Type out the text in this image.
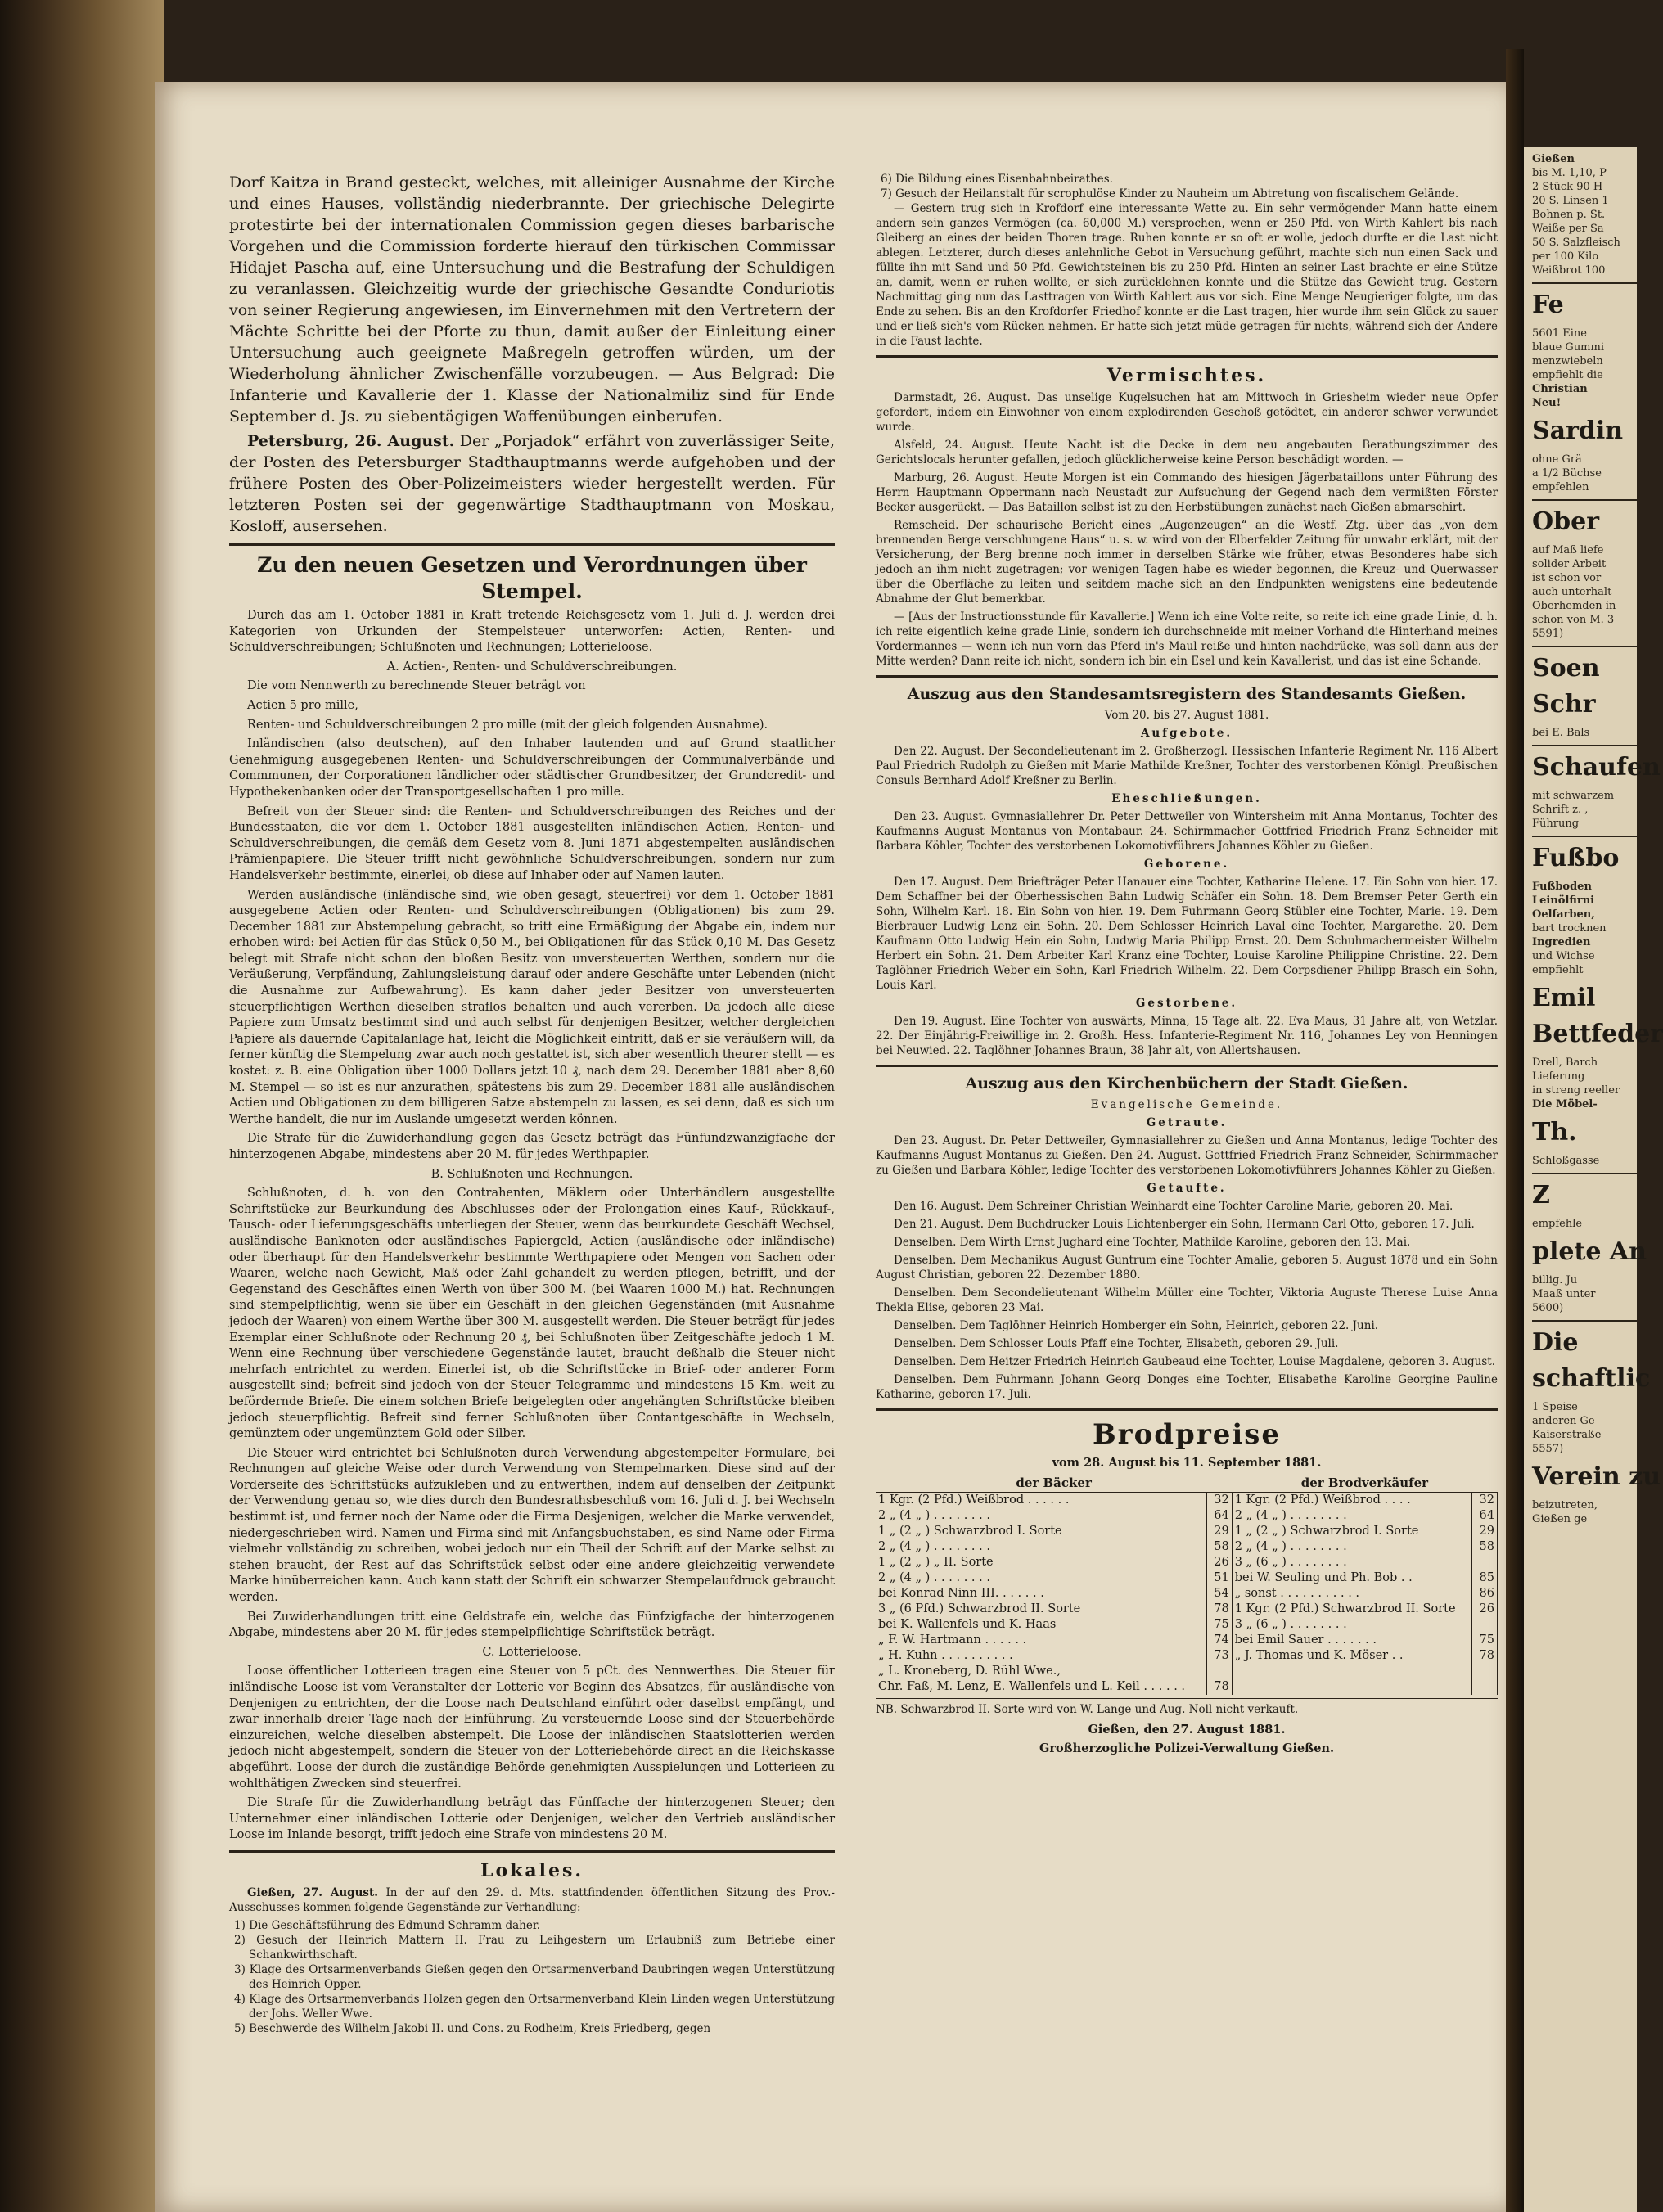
Dorf Kaitza in Brand gesteckt, welches, mit alleiniger Ausnahme der Kirche und eines Hauses, vollständig niederbrannte. Der griechische Delegirte protestirte bei der internationalen Commission gegen dieses barbarische Vorgehen und die Commission forderte hierauf den türkischen Commissar Hidajet Pascha auf, eine Untersuchung und die Bestrafung der Schuldigen zu veranlassen. Gleichzeitig wurde der griechische Gesandte Conduriotis von seiner Regierung angewiesen, im Einvernehmen mit den Vertretern der Mächte Schritte bei der Pforte zu thun, damit außer der Einleitung einer Untersuchung auch geeignete Maßregeln getroffen würden, um der Wiederholung ähnlicher Zwischenfälle vorzubeugen. — Aus Belgrad: Die Infanterie und Kavallerie der 1. Klasse der Nationalmiliz sind für Ende September d. Js. zu siebentägigen Waffenübungen einberufen.

Petersburg, 26. August. Der „Porjadok“ erfährt von zuverlässiger Seite, der Posten des Petersburger Stadthauptmanns werde aufgehoben und der frühere Posten des Ober-Polizeimeisters wieder hergestellt werden. Für letzteren Posten sei der gegenwärtige Stadthauptmann von Moskau, Kosloff, ausersehen.

Zu den neuen Gesetzen und Verordnungen über Stempel.

Durch das am 1. October 1881 in Kraft tretende Reichsgesetz vom 1. Juli d. J. werden drei Kategorien von Urkunden der Stempelsteuer unterworfen: Actien, Renten- und Schuldverschreibungen; Schlußnoten und Rechnungen; Lotterieloose.

A. Actien-, Renten- und Schuldverschreibungen.

Die vom Nennwerth zu berechnende Steuer beträgt von

Actien 5 pro mille,

Renten- und Schuldverschreibungen 2 pro mille (mit der gleich folgenden Ausnahme).

Inländischen (also deutschen), auf den Inhaber lautenden und auf Grund staatlicher Genehmigung ausgegebenen Renten- und Schuldverschreibungen der Communalverbände und Commmunen, der Corporationen ländlicher oder städtischer Grundbesitzer, der Grundcredit- und Hypothekenbanken oder der Transportgesellschaften 1 pro mille.

Befreit von der Steuer sind: die Renten- und Schuldverschreibungen des Reiches und der Bundesstaaten, die vor dem 1. October 1881 ausgestellten inländischen Actien, Renten- und Schuldverschreibungen, die gemäß dem Gesetz vom 8. Juni 1871 abgestempelten ausländischen Prämienpapiere. Die Steuer trifft nicht gewöhnliche Schuldverschreibungen, sondern nur zum Handelsverkehr bestimmte, einerlei, ob diese auf Inhaber oder auf Namen lauten.

Werden ausländische (inländische sind, wie oben gesagt, steuerfrei) vor dem 1. October 1881 ausgegebene Actien oder Renten- und Schuldverschreibungen (Obligationen) bis zum 29. December 1881 zur Abstempelung gebracht, so tritt eine Ermäßigung der Abgabe ein, indem nur erhoben wird: bei Actien für das Stück 0,50 M., bei Obligationen für das Stück 0,10 M. Das Gesetz belegt mit Strafe nicht schon den bloßen Besitz von unversteuerten Werthen, sondern nur die Veräußerung, Verpfändung, Zahlungsleistung darauf oder andere Geschäfte unter Lebenden (nicht die Ausnahme zur Aufbewahrung). Es kann daher jeder Besitzer von unversteuerten steuerpflichtigen Werthen dieselben straflos behalten und auch vererben. Da jedoch alle diese Papiere zum Umsatz bestimmt sind und auch selbst für denjenigen Besitzer, welcher dergleichen Papiere als dauernde Capitalanlage hat, leicht die Möglichkeit eintritt, daß er sie veräußern will, da ferner künftig die Stempelung zwar auch noch gestattet ist, sich aber wesentlich theurer stellt — es kostet: z. B. eine Obligation über 1000 Dollars jetzt 10 ₰, nach dem 29. December 1881 aber 8,60 M. Stempel — so ist es nur anzurathen, spätestens bis zum 29. December 1881 alle ausländischen Actien und Obligationen zu dem billigeren Satze abstempeln zu lassen, es sei denn, daß es sich um Werthe handelt, die nur im Auslande umgesetzt werden können.

Die Strafe für die Zuwiderhandlung gegen das Gesetz beträgt das Fünfundzwanzigfache der hinterzogenen Abgabe, mindestens aber 20 M. für jedes Werthpapier.

B. Schlußnoten und Rechnungen.

Schlußnoten, d. h. von den Contrahenten, Mäklern oder Unterhändlern ausgestellte Schriftstücke zur Beurkundung des Abschlusses oder der Prolongation eines Kauf-, Rückkauf-, Tausch- oder Lieferungsgeschäfts unterliegen der Steuer, wenn das beurkundete Geschäft Wechsel, ausländische Banknoten oder ausländisches Papiergeld, Actien (ausländische oder inländische) oder überhaupt für den Handelsverkehr bestimmte Werthpapiere oder Mengen von Sachen oder Waaren, welche nach Gewicht, Maß oder Zahl gehandelt zu werden pflegen, betrifft, und der Gegenstand des Geschäftes einen Werth von über 300 M. (bei Waaren 1000 M.) hat. Rechnungen sind stempelpflichtig, wenn sie über ein Geschäft in den gleichen Gegenständen (mit Ausnahme jedoch der Waaren) von einem Werthe über 300 M. ausgestellt werden. Die Steuer beträgt für jedes Exemplar einer Schlußnote oder Rechnung 20 ₰, bei Schlußnoten über Zeitgeschäfte jedoch 1 M. Wenn eine Rechnung über verschiedene Gegenstände lautet, braucht deßhalb die Steuer nicht mehrfach entrichtet zu werden. Einerlei ist, ob die Schriftstücke in Brief- oder anderer Form ausgestellt sind; befreit sind jedoch von der Steuer Telegramme und mindestens 15 Km. weit zu befördernde Briefe. Die einem solchen Briefe beigelegten oder angehängten Schriftstücke bleiben jedoch steuerpflichtig. Befreit sind ferner Schlußnoten über Contantgeschäfte in Wechseln, gemünztem oder ungemünztem Gold oder Silber.

Die Steuer wird entrichtet bei Schlußnoten durch Verwendung abgestempelter Formulare, bei Rechnungen auf gleiche Weise oder durch Verwendung von Stempelmarken. Diese sind auf der Vorderseite des Schriftstücks aufzukleben und zu entwerthen, indem auf denselben der Zeitpunkt der Verwendung genau so, wie dies durch den Bundesrathsbeschluß vom 16. Juli d. J. bei Wechseln bestimmt ist, und ferner noch der Name oder die Firma Desjenigen, welcher die Marke verwendet, niedergeschrieben wird. Namen und Firma sind mit Anfangsbuchstaben, es sind Name oder Firma vielmehr vollständig zu schreiben, wobei jedoch nur ein Theil der Schrift auf der Marke selbst zu stehen braucht, der Rest auf das Schriftstück selbst oder eine andere gleichzeitig verwendete Marke hinüberreichen kann. Auch kann statt der Schrift ein schwarzer Stempelaufdruck gebraucht werden.

Bei Zuwiderhandlungen tritt eine Geldstrafe ein, welche das Fünfzigfache der hinterzogenen Abgabe, mindestens aber 20 M. für jedes stempelpflichtige Schriftstück beträgt.

C. Lotterieloose.

Loose öffentlicher Lotterieen tragen eine Steuer von 5 pCt. des Nennwerthes. Die Steuer für inländische Loose ist vom Veranstalter der Lotterie vor Beginn des Absatzes, für ausländische von Denjenigen zu entrichten, der die Loose nach Deutschland einführt oder daselbst empfängt, und zwar innerhalb dreier Tage nach der Einführung. Zu versteuernde Loose sind der Steuerbehörde einzureichen, welche dieselben abstempelt. Die Loose der inländischen Staatslotterien werden jedoch nicht abgestempelt, sondern die Steuer von der Lotteriebehörde direct an die Reichskasse abgeführt. Loose der durch die zuständige Behörde genehmigten Ausspielungen und Lotterieen zu wohlthätigen Zwecken sind steuerfrei.

Die Strafe für die Zuwiderhandlung beträgt das Fünffache der hinterzogenen Steuer; den Unternehmer einer inländischen Lotterie oder Denjenigen, welcher den Vertrieb ausländischer Loose im Inlande besorgt, trifft jedoch eine Strafe von mindestens 20 M.

Lokales.

Gießen, 27. August. In der auf den 29. d. Mts. stattfindenden öffentlichen Sitzung des Prov.-Ausschusses kommen folgende Gegenstände zur Verhandlung:

1) Die Geschäftsführung des Edmund Schramm daher.

2) Gesuch der Heinrich Mattern II. Frau zu Leihgestern um Erlaubniß zum Betriebe einer Schankwirthschaft.

3) Klage des Ortsarmenverbands Gießen gegen den Ortsarmenverband Daubringen wegen Unterstützung des Heinrich Opper.

4) Klage des Ortsarmenverbands Holzen gegen den Ortsarmenverband Klein Linden wegen Unterstützung der Johs. Weller Wwe.

5) Beschwerde des Wilhelm Jakobi II. und Cons. zu Rodheim, Kreis Friedberg, gegen

6) Die Bildung eines Eisenbahnbeirathes.

7) Gesuch der Heilanstalt für scrophulöse Kinder zu Nauheim um Abtretung von fiscalischem Gelände.

— Gestern trug sich in Krofdorf eine interessante Wette zu. Ein sehr vermögender Mann hatte einem andern sein ganzes Vermögen (ca. 60,000 M.) versprochen, wenn er 250 Pfd. von Wirth Kahlert bis nach Gleiberg an eines der beiden Thoren trage. Ruhen konnte er so oft er wolle, jedoch durfte er die Last nicht ablegen. Letzterer, durch dieses anlehnliche Gebot in Versuchung geführt, machte sich nun einen Sack und füllte ihn mit Sand und 50 Pfd. Gewichtsteinen bis zu 250 Pfd. Hinten an seiner Last brachte er eine Stütze an, damit, wenn er ruhen wollte, er sich zurücklehnen konnte und die Stütze das Gewicht trug. Gestern Nachmittag ging nun das Lasttragen von Wirth Kahlert aus vor sich. Eine Menge Neugieriger folgte, um das Ende zu sehen. Bis an den Krofdorfer Friedhof konnte er die Last tragen, hier wurde ihm sein Glück zu sauer und er ließ sich's vom Rücken nehmen. Er hatte sich jetzt müde getragen für nichts, während sich der Andere in die Faust lachte.

Vermischtes.

Darmstadt, 26. August. Das unselige Kugelsuchen hat am Mittwoch in Griesheim wieder neue Opfer gefordert, indem ein Einwohner von einem explodirenden Geschoß getödtet, ein anderer schwer verwundet wurde.

Alsfeld, 24. August. Heute Nacht ist die Decke in dem neu angebauten Berathungszimmer des Gerichtslocals herunter gefallen, jedoch glücklicherweise keine Person beschädigt worden. —

Marburg, 26. August. Heute Morgen ist ein Commando des hiesigen Jägerbataillons unter Führung des Herrn Hauptmann Oppermann nach Neustadt zur Aufsuchung der Gegend nach dem vermißten Förster Becker ausgerückt. — Das Bataillon selbst ist zu den Herbstübungen zunächst nach Gießen abmarschirt.

Remscheid. Der schaurische Bericht eines „Augenzeugen“ an die Westf. Ztg. über das „von dem brennenden Berge verschlungene Haus“ u. s. w. wird von der Elberfelder Zeitung für unwahr erklärt, mit der Versicherung, der Berg brenne noch immer in derselben Stärke wie früher, etwas Besonderes habe sich jedoch an ihm nicht zugetragen; vor wenigen Tagen habe es wieder begonnen, die Kreuz- und Querwasser über die Oberfläche zu leiten und seitdem mache sich an den Endpunkten wenigstens eine bedeutende Abnahme der Glut bemerkbar.

— [Aus der Instructionsstunde für Kavallerie.] Wenn ich eine Volte reite, so reite ich eine grade Linie, d. h. ich reite eigentlich keine grade Linie, sondern ich durchschneide mit meiner Vorhand die Hinterhand meines Vordermannes — wenn ich nun vorn das Pferd in's Maul reiße und hinten nachdrücke, was soll dann aus der Mitte werden? Dann reite ich nicht, sondern ich bin ein Esel und kein Kavallerist, und das ist eine Schande.

Auszug aus den Standesamtsregistern des Standesamts Gießen.

Vom 20. bis 27. August 1881.

Aufgebote.

Den 22. August. Der Secondelieutenant im 2. Großherzogl. Hessischen Infanterie Regiment Nr. 116 Albert Paul Friedrich Rudolph zu Gießen mit Marie Mathilde Kreßner, Tochter des verstorbenen Königl. Preußischen Consuls Bernhard Adolf Kreßner zu Berlin.

Eheschließungen.

Den 23. August. Gymnasiallehrer Dr. Peter Dettweiler von Wintersheim mit Anna Montanus, Tochter des Kaufmanns August Montanus von Montabaur. 24. Schirmmacher Gottfried Friedrich Franz Schneider mit Barbara Köhler, Tochter des verstorbenen Lokomotivführers Johannes Köhler zu Gießen.

Geborene.

Den 17. August. Dem Briefträger Peter Hanauer eine Tochter, Katharine Helene. 17. Ein Sohn von hier. 17. Dem Schaffner bei der Oberhessischen Bahn Ludwig Schäfer ein Sohn. 18. Dem Bremser Peter Gerth ein Sohn, Wilhelm Karl. 18. Ein Sohn von hier. 19. Dem Fuhrmann Georg Stübler eine Tochter, Marie. 19. Dem Bierbrauer Ludwig Lenz ein Sohn. 20. Dem Schlosser Heinrich Laval eine Tochter, Margarethe. 20. Dem Kaufmann Otto Ludwig Hein ein Sohn, Ludwig Maria Philipp Ernst. 20. Dem Schuhmachermeister Wilhelm Herbert ein Sohn. 21. Dem Arbeiter Karl Kranz eine Tochter, Louise Karoline Philippine Christine. 22. Dem Taglöhner Friedrich Weber ein Sohn, Karl Friedrich Wilhelm. 22. Dem Corpsdiener Philipp Brasch ein Sohn, Louis Karl.

Gestorbene.

Den 19. August. Eine Tochter von auswärts, Minna, 15 Tage alt. 22. Eva Maus, 31 Jahre alt, von Wetzlar. 22. Der Einjährig-Freiwillige im 2. Großh. Hess. Infanterie-Regiment Nr. 116, Johannes Ley von Henningen bei Neuwied. 22. Taglöhner Johannes Braun, 38 Jahr alt, von Allertshausen.

Auszug aus den Kirchenbüchern der Stadt Gießen.

Evangelische Gemeinde.

Getraute.

Den 23. August. Dr. Peter Dettweiler, Gymnasiallehrer zu Gießen und Anna Montanus, ledige Tochter des Kaufmanns August Montanus zu Gießen. Den 24. August. Gottfried Friedrich Franz Schneider, Schirmmacher zu Gießen und Barbara Köhler, ledige Tochter des verstorbenen Lokomotivführers Johannes Köhler zu Gießen.

Getaufte.

Den 16. August. Dem Schreiner Christian Weinhardt eine Tochter Caroline Marie, geboren 20. Mai.

Den 21. August. Dem Buchdrucker Louis Lichtenberger ein Sohn, Hermann Carl Otto, geboren 17. Juli.

Denselben. Dem Wirth Ernst Jughard eine Tochter, Mathilde Karoline, geboren den 13. Mai.

Denselben. Dem Mechanikus August Guntrum eine Tochter Amalie, geboren 5. August 1878 und ein Sohn August Christian, geboren 22. Dezember 1880.

Denselben. Dem Secondelieutenant Wilhelm Müller eine Tochter, Viktoria Auguste Therese Luise Anna Thekla Elise, geboren 23 Mai.

Denselben. Dem Taglöhner Heinrich Homberger ein Sohn, Heinrich, geboren 22. Juni.

Denselben. Dem Schlosser Louis Pfaff eine Tochter, Elisabeth, geboren 29. Juli.

Denselben. Dem Heitzer Friedrich Heinrich Gaubeaud eine Tochter, Louise Magdalene, geboren 3. August.

Denselben. Dem Fuhrmann Johann Georg Donges eine Tochter, Elisabethe Karoline Georgine Pauline Katharine, geboren 17. Juli.

Brodpreise

vom 28. August bis 11. September 1881.

der Bäcker		der Brodverkäufer	
1 Kgr. (2 Pfd.) Weißbrod . . . . . .	32	1 Kgr. (2 Pfd.) Weißbrod . . . .	32
2 „ (4 „ ) . . . . . . . .	64	2 „ (4 „ ) . . . . . . . .	64
1 „ (2 „ ) Schwarzbrod I. Sorte	29	1 „ (2 „ ) Schwarzbrod I. Sorte	29
2 „ (4 „ ) . . . . . . . .	58	2 „ (4 „ ) . . . . . . . .	58
1 „ (2 „ ) „ II. Sorte	26	3 „ (6 „ ) . . . . . . . .	
2 „ (4 „ ) . . . . . . . .	51	bei W. Seuling und Ph. Bob . .	85
bei Konrad Ninn III. . . . . . .	54	„ sonst . . . . . . . . . . .	86
3 „ (6 Pfd.) Schwarzbrod II. Sorte	78	1 Kgr. (2 Pfd.) Schwarzbrod II. Sorte	26
bei K. Wallenfels und K. Haas	75	3 „ (6 „ ) . . . . . . . .	
„ F. W. Hartmann . . . . . .	74	bei Emil Sauer . . . . . . .	75
„ H. Kuhn . . . . . . . . . .	73	„ J. Thomas und K. Möser . .	78
„ L. Kroneberg, D. Rühl Wwe.,			
Chr. Faß, M. Lenz, E. Wallenfels und L. Keil . . . . . .	78		

NB. Schwarzbrod II. Sorte wird von W. Lange und Aug. Noll nicht verkauft.

Gießen, den 27. August 1881.

Großherzogliche Polizei-Verwaltung Gießen.

Gießen
bis M. 1,10, P
2 Stück 90 H
20 S. Linsen 1
Bohnen p. St.
Weiße per Sa
50 S. Salzfleisch
per 100 Kilo
Weißbrot 100
Fe
5601 Eine
blaue Gummi
menzwiebeln
empfiehlt die
Christian
Neu!
Sardin
ohne Grä
a 1/2 Büchse
empfehlen
Ober
auf Maß liefe
solider Arbeit
ist schon vor
auch unterhalt
Oberhemden in
schon von M. 3
5591)
Soen
Schr
bei E. Bals
Schaufen
mit schwarzem
Schrift z. ,
Führung
Fußbo
Fußboden
Leinölfirni
Oelfarben,
bart trocknen
Ingredien
und Wichse
empfiehlt
Emil
Bettfeder
Drell, Barch
Lieferung
in streng reeller
Die Möbel-
Th.
Schloßgasse
Z
empfehle
plete An
billig. Ju
Maaß unter
5600)
Die
schaftlic
1 Speise
anderen Ge
Kaiserstraße
5557)
Verein zu
beizutreten,
Gießen ge
